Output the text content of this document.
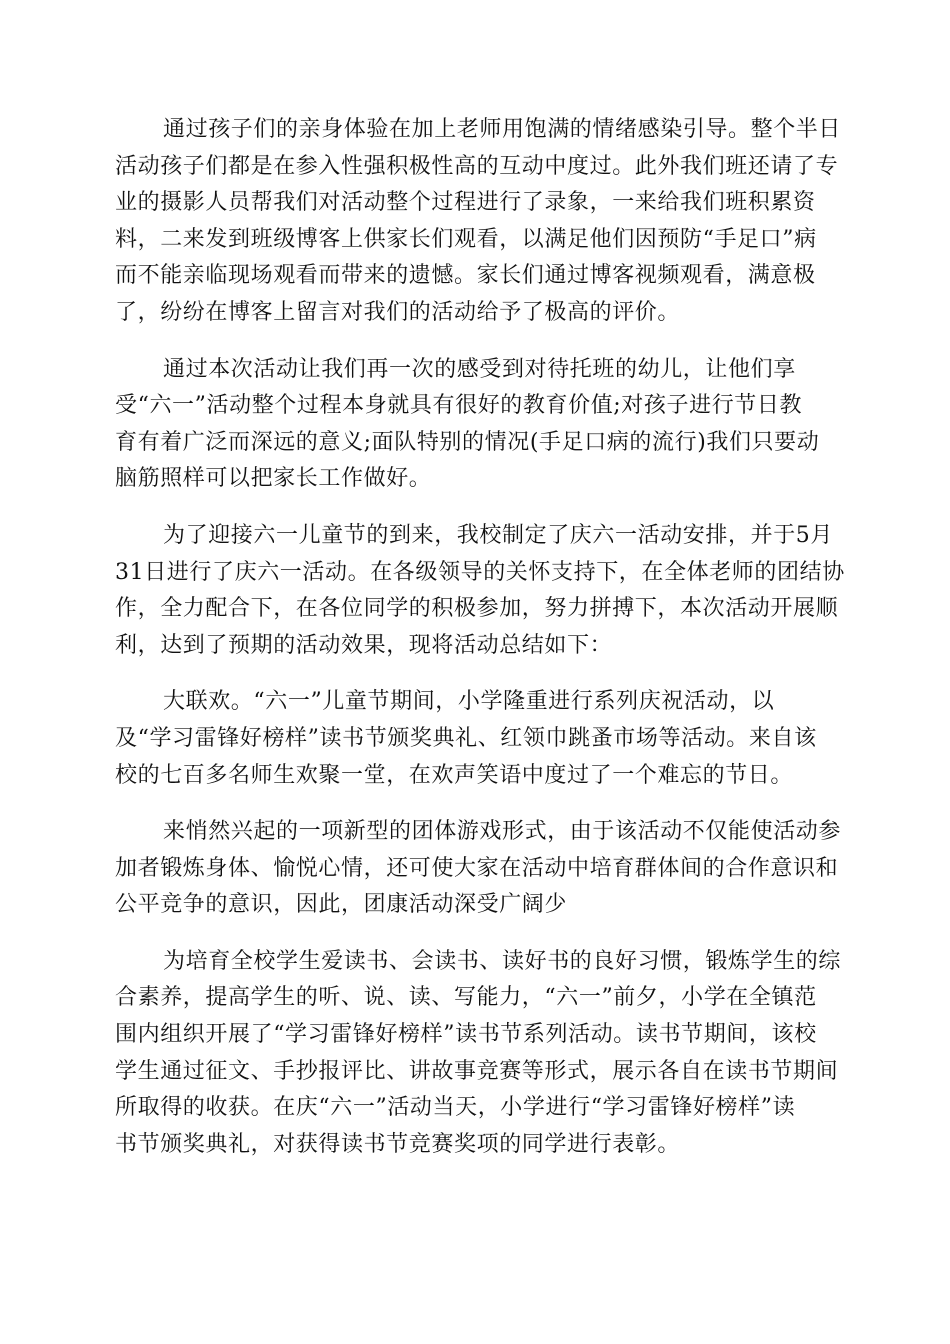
通过孩子们的亲身体验在加上老师用饱满的情绪感染引导。整个半日
活动孩子们都是在参入性强积极性高的互动中度过。此外我们班还请了专
业的摄影人员帮我们对活动整个过程进行了录象，一来给我们班积累资
料，二来发到班级博客上供家长们观看，以满足他们因预防“手足口”病
而不能亲临现场观看而带来的遗憾。家长们通过博客视频观看，满意极
了，纷纷在博客上留言对我们的活动给予了极高的评价。

通过本次活动让我们再一次的感受到对待托班的幼儿，让他们享
受“六一”活动整个过程本身就具有很好的教育价值;对孩子进行节日教
育有着广泛而深远的意义;面队特别的情况(手足口病的流行)我们只要动
脑筋照样可以把家长工作做好。

为了迎接六一儿童节的到来，我校制定了庆六一活动安排，并于5月
31日进行了庆六一活动。在各级领导的关怀支持下，在全体老师的团结协
作，全力配合下，在各位同学的积极参加，努力拼搏下，本次活动开展顺
利，达到了预期的活动效果，现将活动总结如下：

大联欢。“六一”儿童节期间，小学隆重进行系列庆祝活动，以
及“学习雷锋好榜样”读书节颁奖典礼、红领巾跳蚤市场等活动。来自该
校的七百多名师生欢聚一堂，在欢声笑语中度过了一个难忘的节日。

来悄然兴起的一项新型的团体游戏形式，由于该活动不仅能使活动参
加者锻炼身体、愉悦心情，还可使大家在活动中培育群体间的合作意识和
公平竞争的意识，因此，团康活动深受广阔少

为培育全校学生爱读书、会读书、读好书的良好习惯，锻炼学生的综
合素养，提高学生的听、说、读、写能力，“六一”前夕，小学在全镇范
围内组织开展了“学习雷锋好榜样”读书节系列活动。读书节期间，该校
学生通过征文、手抄报评比、讲故事竞赛等形式，展示各自在读书节期间
所取得的收获。在庆“六一”活动当天，小学进行“学习雷锋好榜样”读
书节颁奖典礼，对获得读书节竞赛奖项的同学进行表彰。
